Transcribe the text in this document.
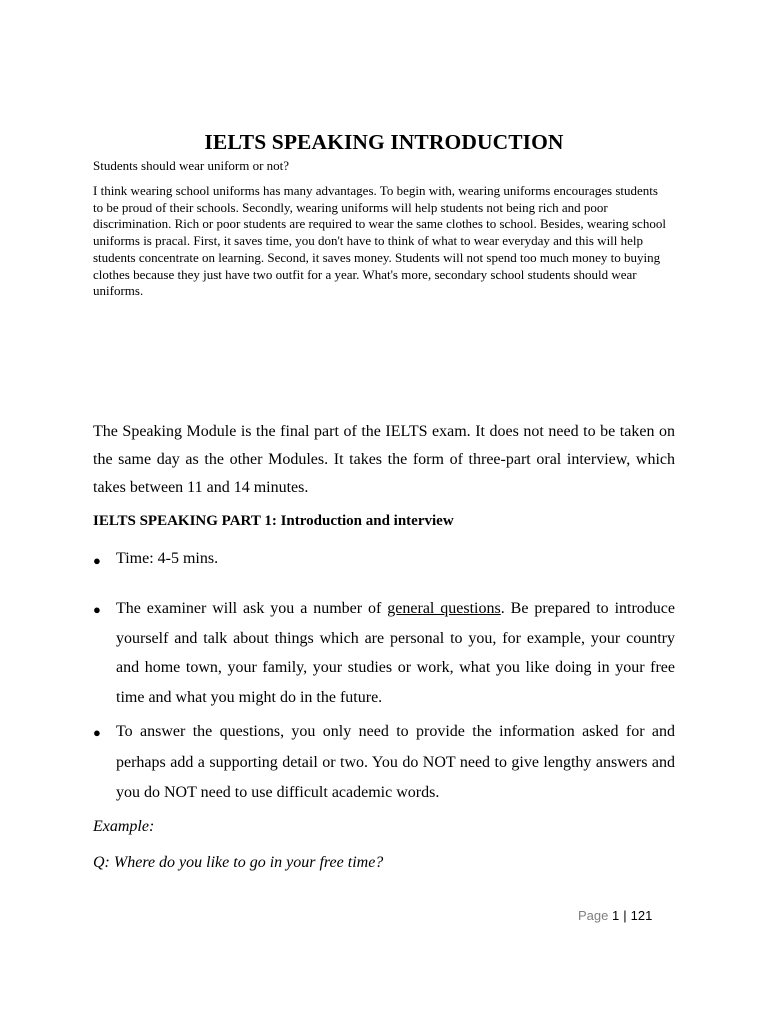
IELTS SPEAKING INTRODUCTION
Students should wear uniform or not?

I think wearing school uniforms has many advantages. To begin with, wearing uniforms encourages students to be proud of their schools. Secondly, wearing uniforms will help students not being rich and poor discrimination. Rich or poor students are required to wear the same clothes to school. Besides, wearing school uniforms is pracal. First, it saves time, you don't have to think of what to wear everyday and this will help students concentrate on learning. Second, it saves money. Students will not spend too much money to buying clothes because they just have two outfit for a year. What's more, secondary school students should wear uniforms.

The Speaking Module is the final part of the IELTS exam. It does not need to be taken on the same day as the other Modules. It takes the form of three-part oral interview, which takes between 11 and 14 minutes.

IELTS SPEAKING PART 1: Introduction and interview
● Time: 4-5 mins.

● The examiner will ask you a number of general questions. Be prepared to introduce yourself and talk about things which are personal to you, for example, your country and home town, your family, your studies or work, what you like doing in your free time and what you might do in the future.

● To answer the questions, you only need to provide the information asked for and perhaps add a supporting detail or two. You do NOT need to give lengthy answers and you do NOT need to use difficult academic words.

Example:
Q: Where do you like to go in your free time?
Page 1 | 121
